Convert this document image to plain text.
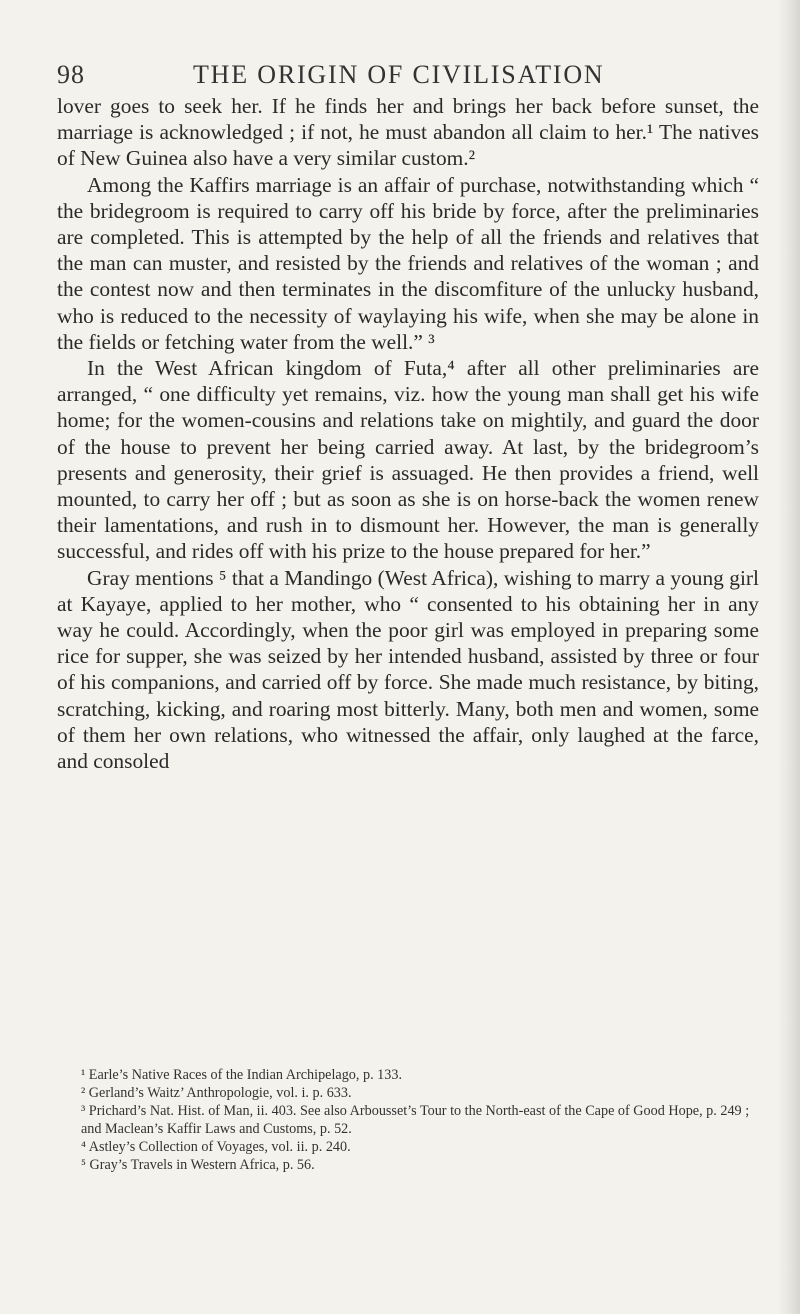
98	THE ORIGIN OF CIVILISATION

lover goes to seek her. If he finds her and brings her back before sunset, the marriage is acknowledged ; if not, he must abandon all claim to her.¹ The natives of New Guinea also have a very similar custom.²

Among the Kaffirs marriage is an affair of purchase, notwithstanding which “ the bridegroom is required to carry off his bride by force, after the preliminaries are completed. This is attempted by the help of all the friends and relatives that the man can muster, and resisted by the friends and relatives of the woman ; and the contest now and then terminates in the discomfiture of the unlucky husband, who is reduced to the necessity of waylaying his wife, when she may be alone in the fields or fetching water from the well.” ³

In the West African kingdom of Futa,⁴ after all other preliminaries are arranged, “ one difficulty yet remains, viz. how the young man shall get his wife home; for the women-cousins and relations take on mightily, and guard the door of the house to prevent her being carried away. At last, by the bridegroom’s presents and generosity, their grief is assuaged. He then provides a friend, well mounted, to carry her off ; but as soon as she is on horse-back the women renew their lamentations, and rush in to dismount her. However, the man is generally successful, and rides off with his prize to the house prepared for her.”

Gray mentions ⁵ that a Mandingo (West Africa), wishing to marry a young girl at Kayaye, applied to her mother, who “ consented to his obtaining her in any way he could. Accordingly, when the poor girl was employed in preparing some rice for supper, she was seized by her intended husband, assisted by three or four of his companions, and carried off by force. She made much resistance, by biting, scratching, kicking, and roaring most bitterly. Many, both men and women, some of them her own relations, who witnessed the affair, only laughed at the farce, and consoled

¹ Earle’s Native Races of the Indian Archipelago, p. 133.

² Gerland’s Waitz’ Anthropologie, vol. i. p. 633.

³ Prichard’s Nat. Hist. of Man, ii. 403. See also Arbousset’s Tour to the North-east of the Cape of Good Hope, p. 249 ; and Maclean’s Kaffir Laws and Customs, p. 52.

⁴ Astley’s Collection of Voyages, vol. ii. p. 240.

⁵ Gray’s Travels in Western Africa, p. 56.
